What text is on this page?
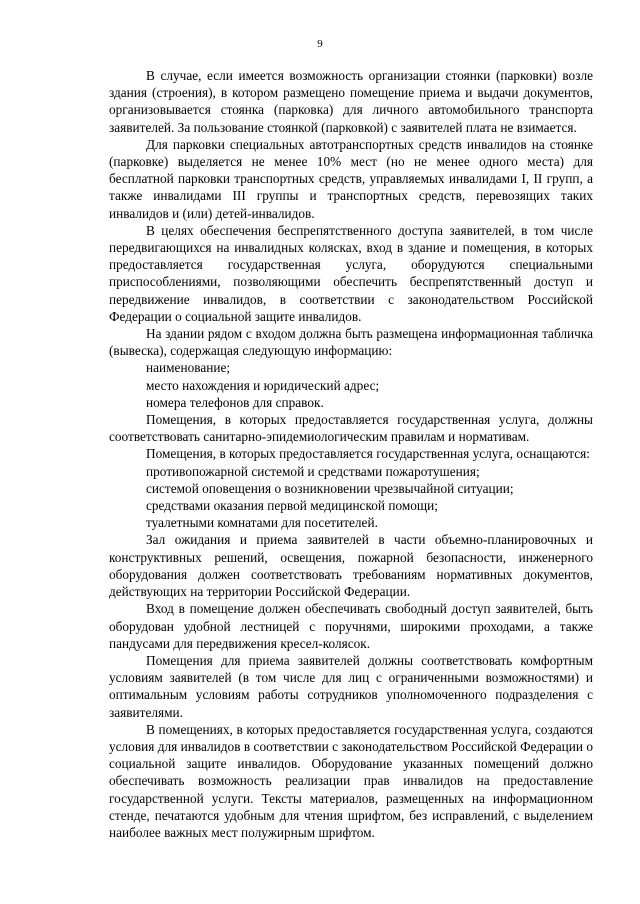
9

В случае, если имеется возможность организации стоянки (парковки) возле здания (строения), в котором размещено помещение приема и выдачи документов, организовывается стоянка (парковка) для личного автомобильного транспорта заявителей. За пользование стоянкой (парковкой) с заявителей плата не взимается.

Для парковки специальных автотранспортных средств инвалидов на стоянке (парковке) выделяется не менее 10% мест (но не менее одного места) для бесплатной парковки транспортных средств, управляемых инвалидами I, II групп, а также инвалидами III группы и транспортных средств, перевозящих таких инвалидов и (или) детей-инвалидов.

В целях обеспечения беспрепятственного доступа заявителей, в том числе передвигающихся на инвалидных колясках, вход в здание и помещения, в которых предоставляется государственная услуга, оборудуются специальными приспособлениями, позволяющими обеспечить беспрепятственный доступ и передвижение инвалидов, в соответствии с законодательством Российской Федерации о социальной защите инвалидов.

На здании рядом с входом должна быть размещена информационная табличка (вывеска), содержащая следующую информацию:

наименование;

место нахождения и юридический адрес;

номера телефонов для справок.

Помещения, в которых предоставляется государственная услуга, должны соответствовать санитарно-эпидемиологическим правилам и нормативам.

Помещения, в которых предоставляется государственная услуга, оснащаются:

противопожарной системой и средствами пожаротушения;

системой оповещения о возникновении чрезвычайной ситуации;

средствами оказания первой медицинской помощи;

туалетными комнатами для посетителей.

Зал ожидания и приема заявителей в части объемно-планировочных и конструктивных решений, освещения, пожарной безопасности, инженерного оборудования должен соответствовать требованиям нормативных документов, действующих на территории Российской Федерации.

Вход в помещение должен обеспечивать свободный доступ заявителей, быть оборудован удобной лестницей с поручнями, широкими проходами, а также пандусами для передвижения кресел-колясок.

Помещения для приема заявителей должны соответствовать комфортным условиям заявителей (в том числе для лиц с ограниченными возможностями) и оптимальным условиям работы сотрудников уполномоченного подразделения с заявителями.

В помещениях, в которых предоставляется государственная услуга, создаются условия для инвалидов в соответствии с законодательством Российской Федерации о социальной защите инвалидов. Оборудование указанных помещений должно обеспечивать возможность реализации прав инвалидов на предоставление государственной услуги. Тексты материалов, размещенных на информационном стенде, печатаются удобным для чтения шрифтом, без исправлений, с выделением наиболее важных мест полужирным шрифтом.
